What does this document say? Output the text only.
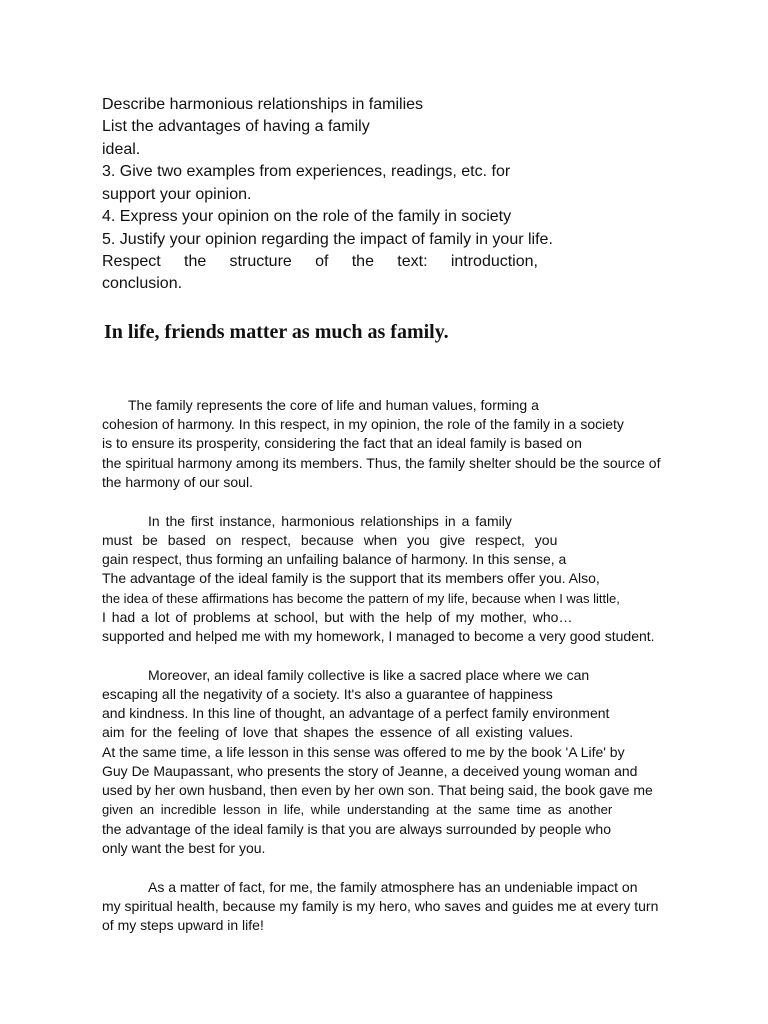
Describe harmonious relationships in families

List the advantages of having a family

ideal.

3. Give two examples from experiences, readings, etc. for

support your opinion.

4. Express your opinion on the role of the family in society

5. Justify your opinion regarding the impact of family in your life.

Respect the structure of the text: introduction,

conclusion.

In life, friends matter as much as family.

The family represents the core of life and human values, forming a

cohesion of harmony. In this respect, in my opinion, the role of the family in a society

is to ensure its prosperity, considering the fact that an ideal family is based on

the spiritual harmony among its members. Thus, the family shelter should be the source of

the harmony of our soul.

In the first instance, harmonious relationships in a family

must be based on respect, because when you give respect, you

gain respect, thus forming an unfailing balance of harmony. In this sense, a

The advantage of the ideal family is the support that its members offer you. Also,

the idea of these affirmations has become the pattern of my life, because when I was little,

I had a lot of problems at school, but with the help of my mother, who…

supported and helped me with my homework, I managed to become a very good student.

Moreover, an ideal family collective is like a sacred place where we can

escaping all the negativity of a society. It's also a guarantee of happiness

and kindness. In this line of thought, an advantage of a perfect family environment

aim for the feeling of love that shapes the essence of all existing values.

At the same time, a life lesson in this sense was offered to me by the book 'A Life' by

Guy De Maupassant, who presents the story of Jeanne, a deceived young woman and

used by her own husband, then even by her own son. That being said, the book gave me

given an incredible lesson in life, while understanding at the same time as another

the advantage of the ideal family is that you are always surrounded by people who

only want the best for you.

As a matter of fact, for me, the family atmosphere has an undeniable impact on

my spiritual health, because my family is my hero, who saves and guides me at every turn

of my steps upward in life!
